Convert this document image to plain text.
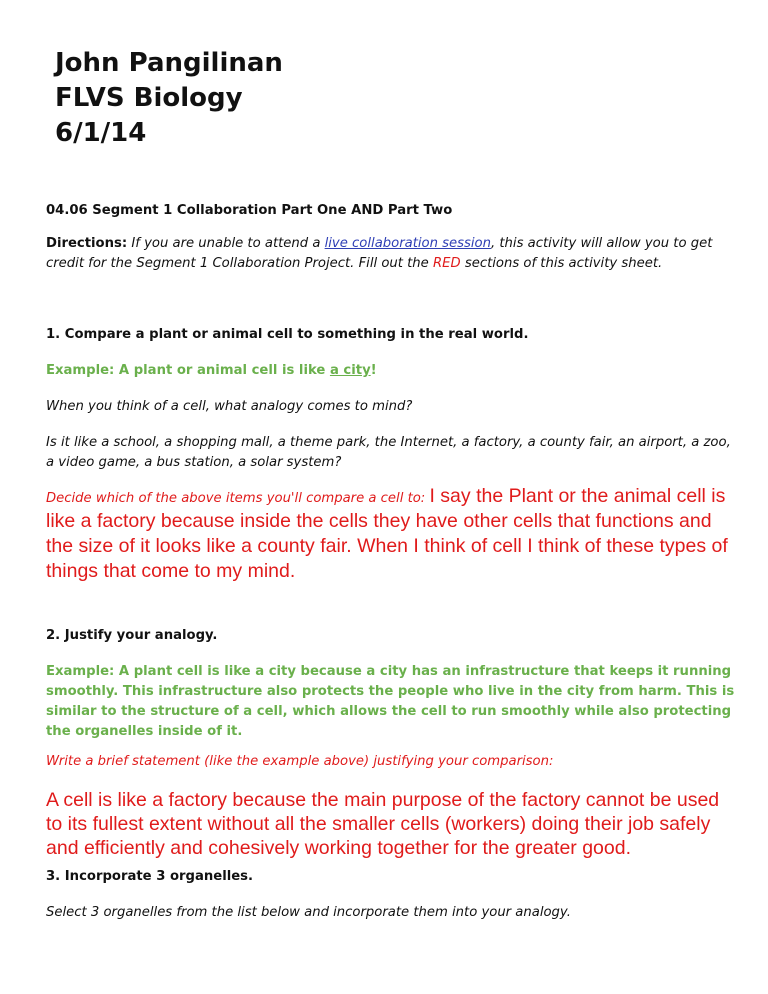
John Pangilinan
FLVS Biology
6/1/14
04.06 Segment 1 Collaboration Part One AND Part Two
Directions: If you are unable to attend a live collaboration session, this activity will allow you to get credit for the Segment 1 Collaboration Project. Fill out the RED sections of this activity sheet.
1. Compare a plant or animal cell to something in the real world.
Example: A plant or animal cell is like a city!
When you think of a cell, what analogy comes to mind?
Is it like a school, a shopping mall, a theme park, the Internet, a factory, a county fair, an airport, a zoo, a video game, a bus station, a solar system?
Decide which of the above items you'll compare a cell to: I say the Plant or the animal cell is like a factory because inside the cells they have other cells that functions and the size of it looks like a county fair. When I think of cell I think of these types of things that come to my mind.
2. Justify your analogy.
Example: A plant cell is like a city because a city has an infrastructure that keeps it running smoothly. This infrastructure also protects the people who live in the city from harm. This is similar to the structure of a cell, which allows the cell to run smoothly while also protecting the organelles inside of it.
Write a brief statement (like the example above) justifying your comparison:
A cell is like a factory because the main purpose of the factory cannot be used to its fullest extent without all the smaller cells (workers) doing their job safely and efficiently and cohesively working together for the greater good.
3. Incorporate 3 organelles.
Select 3 organelles from the list below and incorporate them into your analogy.
